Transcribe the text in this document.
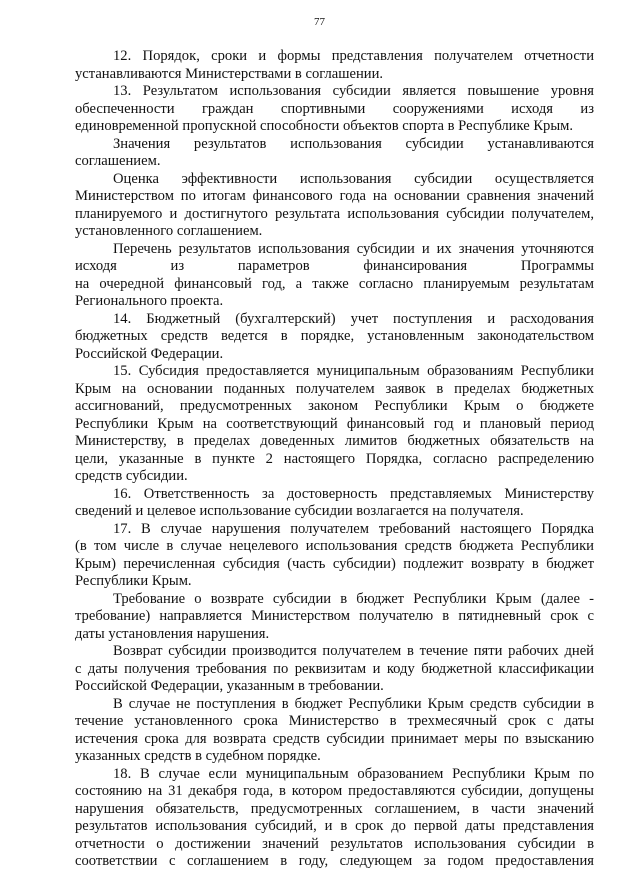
77

12. Порядок, сроки и формы представления получателем отчетности
устанавливаются Министерствами в соглашении.

13. Результатом использования субсидии является повышение уровня
обеспеченности граждан спортивными сооружениями исходя из
единовременной пропускной способности объектов спорта в Республике Крым.

Значения результатов использования субсидии устанавливаются
соглашением.

Оценка эффективности использования субсидии осуществляется
Министерством по итогам финансового года на основании сравнения значений
планируемого и достигнутого результата использования субсидии получателем,
установленного соглашением.

Перечень результатов использования субсидии и их значения уточняются
исходя из параметров финансирования Программы
на очередной финансовый год, а также согласно планируемым результатам
Регионального проекта.

14. Бюджетный (бухгалтерский) учет поступления и расходования
бюджетных средств ведется в порядке, установленным законодательством
Российской Федерации.

15. Субсидия предоставляется муниципальным образованиям Республики
Крым на основании поданных получателем заявок в пределах бюджетных
ассигнований, предусмотренных законом Республики Крым о бюджете
Республики Крым на соответствующий финансовый год и плановый период
Министерству, в пределах доведенных лимитов бюджетных обязательств на
цели, указанные в пункте 2 настоящего Порядка, согласно распределению
средств субсидии.

16. Ответственность за достоверность представляемых Министерству
сведений и целевое использование субсидии возлагается на получателя.

17. В случае нарушения получателем требований настоящего Порядка
(в том числе в случае нецелевого использования средств бюджета Республики
Крым) перечисленная субсидия (часть субсидии) подлежит возврату в бюджет
Республики Крым.

Требование о возврате субсидии в бюджет Республики Крым (далее -
требование) направляется Министерством получателю в пятидневный срок с
даты установления нарушения.

Возврат субсидии производится получателем в течение пяти рабочих дней
с даты получения требования по реквизитам и коду бюджетной классификации
Российской Федерации, указанным в требовании.

В случае не поступления в бюджет Республики Крым средств субсидии в
течение установленного срока Министерство в трехмесячный срок с даты
истечения срока для возврата средств субсидии принимает меры по взысканию
указанных средств в судебном порядке.

18. В случае если муниципальным образованием Республики Крым по
состоянию на 31 декабря года, в котором предоставляются субсидии, допущены
нарушения обязательств, предусмотренных соглашением, в части значений
результатов использования субсидий, и в срок до первой даты представления
отчетности о достижении значений результатов использования субсидии в
соответствии с соглашением в году, следующем за годом предоставления
